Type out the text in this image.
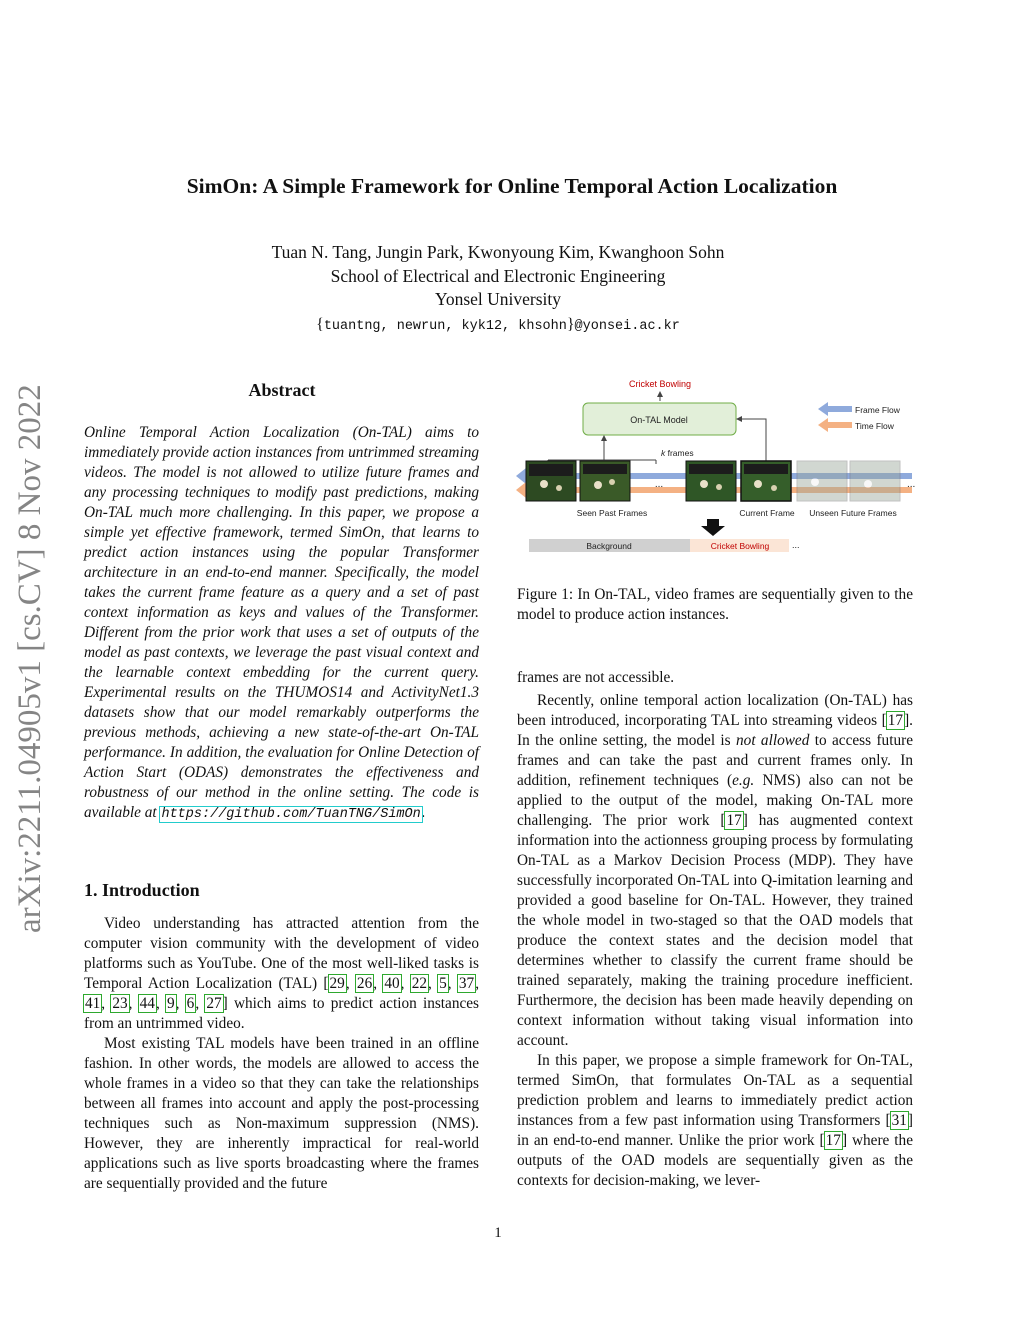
arXiv:2211.04905v1 [cs.CV] 8 Nov 2022
SimOn: A Simple Framework for Online Temporal Action Localization
Tuan N. Tang, Jungin Park, Kwonyoung Kim, Kwanghoon Sohn
School of Electrical and Electronic Engineering
Yonsel University
{tuantng, newrun, kyk12, khsohn}@yonsei.ac.kr
Abstract
Online Temporal Action Localization (On-TAL) aims to immediately provide action instances from untrimmed streaming videos. The model is not allowed to utilize future frames and any processing techniques to modify past predictions, making On-TAL much more challenging. In this paper, we propose a simple yet effective framework, termed SimOn, that learns to predict action instances using the popular Transformer architecture in an end-to-end manner. Specifically, the model takes the current frame feature as a query and a set of past context information as keys and values of the Transformer. Different from the prior work that uses a set of outputs of the model as past contexts, we leverage the past visual context and the learnable context embedding for the current query. Experimental results on the THUMOS14 and ActivityNet1.3 datasets show that our model remarkably outperforms the previous methods, achieving a new state-of-the-art On-TAL performance. In addition, the evaluation for Online Detection of Action Start (ODAS) demonstrates the effectiveness and robustness of our method in the online setting. The code is available at https://github.com/TuanTNG/SimOn.
1. Introduction

Video understanding has attracted attention from the computer vision community with the development of video platforms such as YouTube. One of the most well-liked tasks is Temporal Action Localization (TAL) [29, 26, 40, 22, 5, 37, 41, 23, 44, 9, 6, 27] which aims to predict action instances from an untrimmed video.

Most existing TAL models have been trained in an offline fashion. In other words, the models are allowed to access the whole frames in a video so that they can take the relationships between all frames into account and apply the post-processing techniques such as Non-maximum suppression (NMS). However, they are inherently impractical for real-world applications such as live sports broadcasting where the frames are sequentially provided and the future

Cricket Bowling
On-TAL Model
Frame Flow
Time Flow
k frames
...	...
Seen Past Frames	Current Frame Unseen Future Frames
Background	Cricket Bowling	...
Figure 1: In On-TAL, video frames are sequentially given to the model to produce action instances.

frames are not accessible.

Recently, online temporal action localization (On-TAL) has been introduced, incorporating TAL into streaming videos [17]. In the online setting, the model is not allowed to access future frames and can take the past and current frames only. In addition, refinement techniques (e.g. NMS) also can not be applied to the output of the model, making On-TAL more challenging. The prior work [17] has augmented context information into the actionness grouping process by formulating On-TAL as a Markov Decision Process (MDP). They have successfully incorporated On-TAL into Q-imitation learning and provided a good baseline for On-TAL. However, they trained the whole model in two-staged so that the OAD models that produce the context states and the decision model that determines whether to classify the current frame should be trained separately, making the training procedure inefficient. Furthermore, the decision has been made heavily depending on context information without taking visual information into account.

In this paper, we propose a simple framework for On-TAL, termed SimOn, that formulates On-TAL as a sequential prediction problem and learns to immediately predict action instances from a few past information using Transformers [31] in an end-to-end manner. Unlike the prior work [17] where the outputs of the OAD models are sequentially given as the contexts for decision-making, we lever-

1
